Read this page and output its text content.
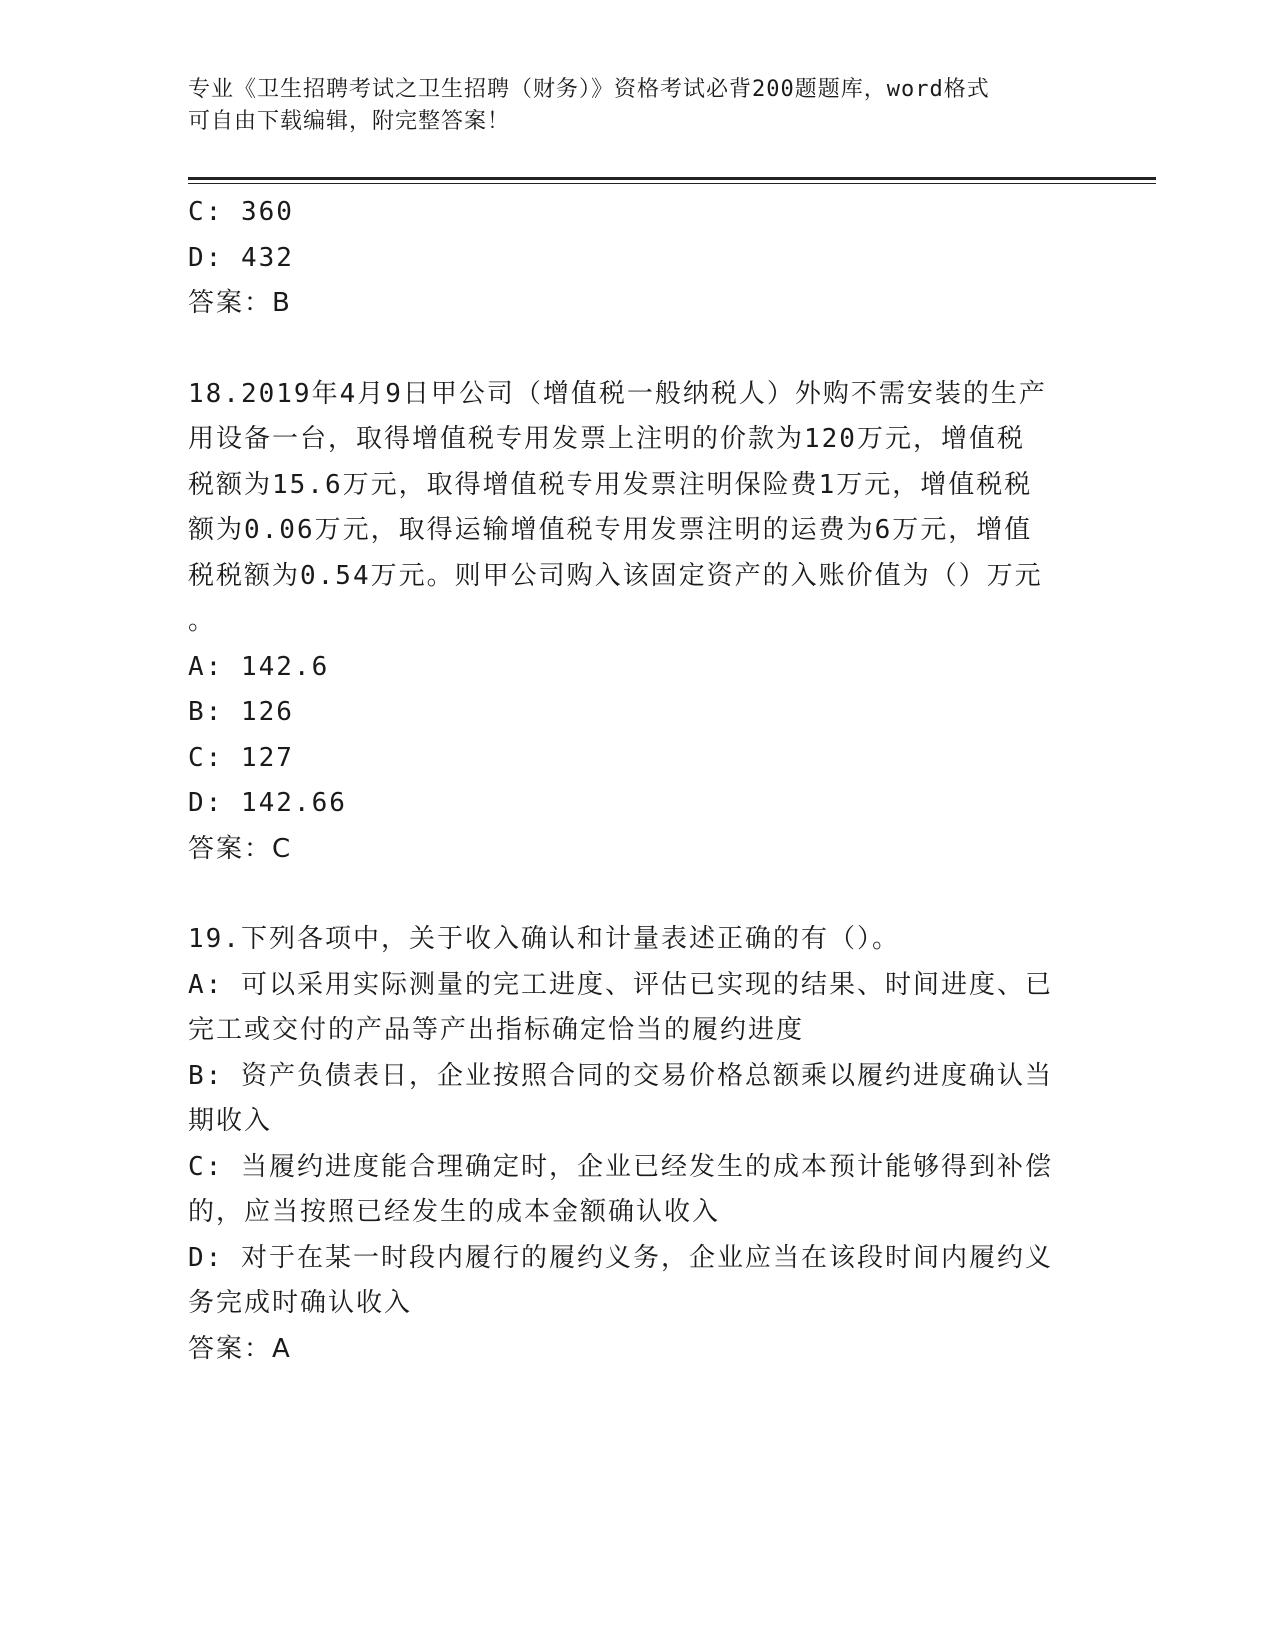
专业《卫生招聘考试之卫生招聘（财务）》资格考试必背200题题库，word格式
可自由下载编辑，附完整答案！
C: 360
D: 432
答案：B
18.2019年4月9日甲公司（增值税一般纳税人）外购不需安装的生产
用设备一台，取得增值税专用发票上注明的价款为120万元，增值税
税额为15.6万元，取得增值税专用发票注明保险费1万元，增值税税
额为0.06万元，取得运输增值税专用发票注明的运费为6万元，增值
税税额为0.54万元。则甲公司购入该固定资产的入账价值为（）万元
。
A: 142.6
B: 126
C: 127
D: 142.66
答案：C
19.下列各项中，关于收入确认和计量表述正确的有（）。
A: 可以采用实际测量的完工进度、评估已实现的结果、时间进度、已
完工或交付的产品等产出指标确定恰当的履约进度
B: 资产负债表日，企业按照合同的交易价格总额乘以履约进度确认当
期收入
C: 当履约进度能合理确定时，企业已经发生的成本预计能够得到补偿
的，应当按照已经发生的成本金额确认收入
D: 对于在某一时段内履行的履约义务，企业应当在该段时间内履约义
务完成时确认收入
答案：A
